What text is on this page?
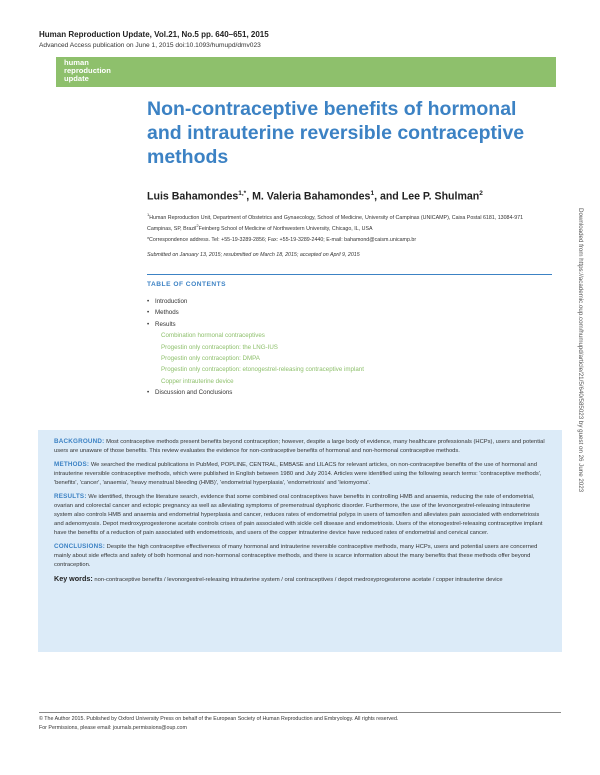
Human Reproduction Update, Vol.21, No.5 pp. 640–651, 2015
Advanced Access publication on June 1, 2015 doi:10.1093/humupd/dmv023
human
reproduction
update
Non-contraceptive benefits of hormonal and intrauterine reversible contraceptive methods
Luis Bahamondes$^{1,*}$, M. Valeria Bahamondes$^1$, and Lee P. Shulman$^2$
$^1$Human Reproduction Unit, Department of Obstetrics and Gynaecology, School of Medicine, University of Campinas (UNICAMP), Caixa Postal 6181, 13084-971 Campinas, SP, Brazil$^2$Feinberg School of Medicine of Northwestern University, Chicago, IL, USA
*Correspondence address. Tel: +55-19-3289-2856; Fax: +55-19-3289-2440; E-mail: bahamond@caism.unicamp.br
Submitted on January 13, 2015; resubmitted on March 18, 2015; accepted on April 9, 2015
TABLE OF CONTENTS
• Introduction
• Methods
• Results
Combination hormonal contraceptives
Progestin only contraception: the LNG-IUS
Progestin only contraception: DMPA
Progestin only contraception: etonogestrel-releasing contraceptive implant
Copper intrauterine device
• Discussion and Conclusions

BACKGROUND: Most contraceptive methods present benefits beyond contraception; however, despite a large body of evidence, many healthcare professionals (HCPs), users and potential users are unaware of those benefits. This review evaluates the evidence for non-contraceptive benefits of hormonal and non-hormonal contraceptive methods.

METHODS: We searched the medical publications in PubMed, POPLINE, CENTRAL, EMBASE and LILACS for relevant articles, on non-contraceptive benefits of the use of hormonal and intrauterine reversible contraceptive methods, which were published in English between 1980 and July 2014. Articles were identified using the following search terms: 'contraceptive methods', 'benefits', 'cancer', 'anaemia', 'heavy menstrual bleeding (HMB)', 'endometrial hyperplasia', 'endometriosis' and 'leiomyoma'.

RESULTS: We identified, through the literature search, evidence that some combined oral contraceptives have benefits in controlling HMB and anaemia, reducing the rate of endometrial, ovarian and colorectal cancer and ectopic pregnancy as well as alleviating symptoms of premenstrual dysphoric disorder. Furthermore, the use of the levonorgestrel-releasing intrauterine system also controls HMB and anaemia and endometrial hyperplasia and cancer, reduces rates of endometrial polyps in users of tamoxifen and alleviates pain associated with endometriosis and adenomyosis. Depot medroxyprogesterone acetate controls crises of pain associated with sickle cell disease and endometriosis. Users of the etonogestrel-releasing contraceptive implant have the benefits of a reduction of pain associated with endometriosis, and users of the copper intrauterine device have reduced rates of endometrial and cervical cancer.

CONCLUSIONS: Despite the high contraceptive effectiveness of many hormonal and intrauterine reversible contraceptive methods, many HCPs, users and potential users are concerned mainly about side effects and safety of both hormonal and non-hormonal contraceptive methods, and there is scarce information about the many benefits that these methods offer beyond contraception.

Key words: non-contraceptive benefits / levonorgestrel-releasing intrauterine system / oral contraceptives / depot medroxyprogesterone acetate / copper intrauterine device

© The Author 2015. Published by Oxford University Press on behalf of the European Society of Human Reproduction and Embryology. All rights reserved.
For Permissions, please email: journals.permissions@oup.com
Downloaded from https://academic.oup.com/humupd/article/21/5/640/585023 by guest on 26 June 2023
